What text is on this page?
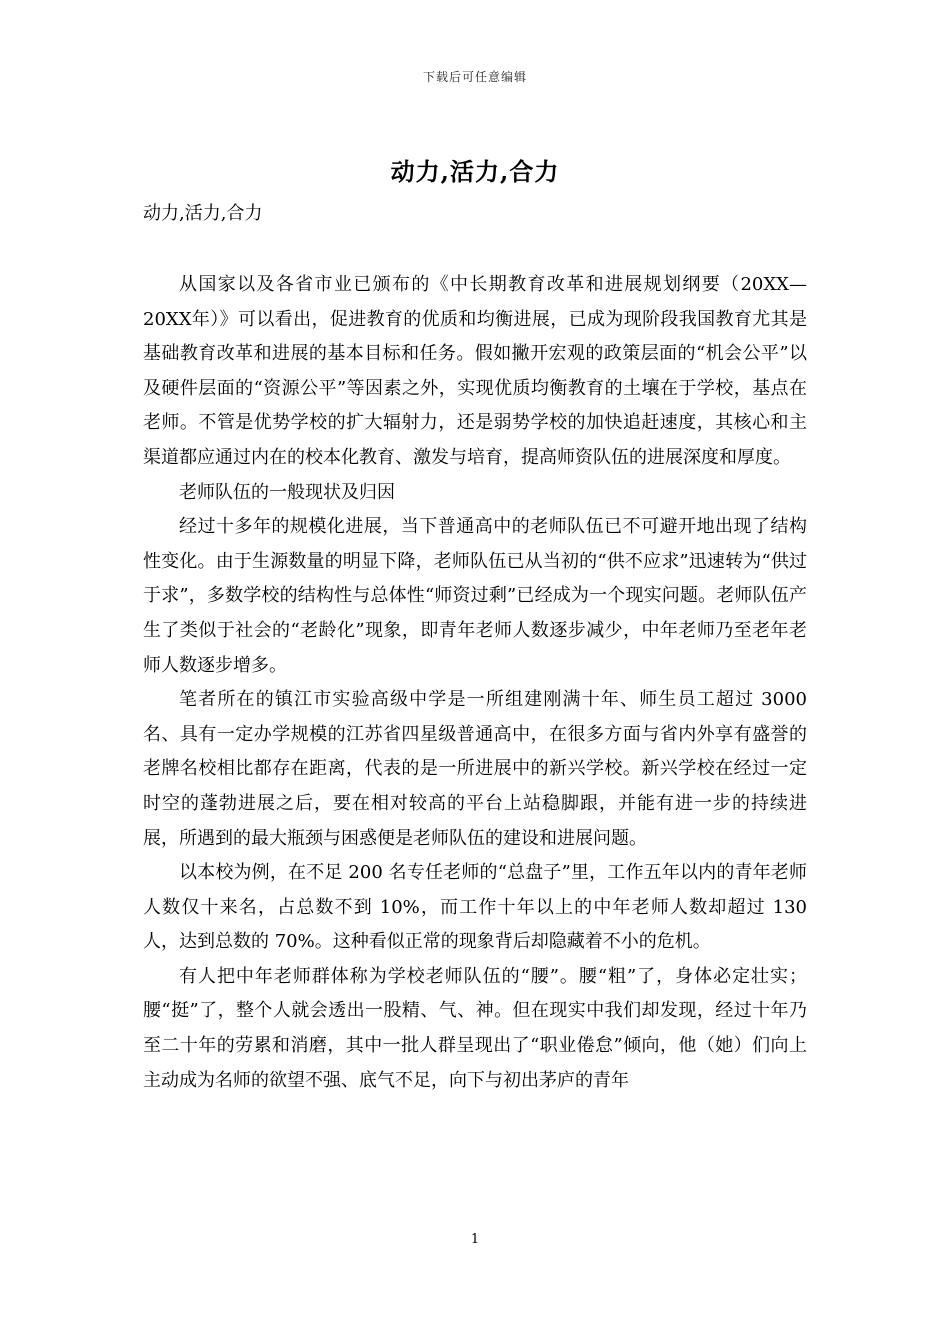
下载后可任意编辑
动力,活力,合力
动力,活力,合力

从国家以及各省市业已颁布的《中长期教育改革和进展规划纲要（20XX—20XX年）》可以看出，促进教育的优质和均衡进展，已成为现阶段我国教育尤其是基础教育改革和进展的基本目标和任务。假如撇开宏观的政策层面的“机会公平”以及硬件层面的“资源公平”等因素之外，实现优质均衡教育的土壤在于学校，基点在老师。不管是优势学校的扩大辐射力，还是弱势学校的加快追赶速度，其核心和主渠道都应通过内在的校本化教育、激发与培育，提高师资队伍的进展深度和厚度。

老师队伍的一般现状及归因

经过十多年的规模化进展，当下普通高中的老师队伍已不可避开地出现了结构性变化。由于生源数量的明显下降，老师队伍已从当初的“供不应求”迅速转为“供过于求”，多数学校的结构性与总体性“师资过剩”已经成为一个现实问题。老师队伍产生了类似于社会的“老龄化”现象，即青年老师人数逐步减少，中年老师乃至老年老师人数逐步增多。

笔者所在的镇江市实验高级中学是一所组建刚满十年、师生员工超过 3000 名、具有一定办学规模的江苏省四星级普通高中，在很多方面与省内外享有盛誉的老牌名校相比都存在距离，代表的是一所进展中的新兴学校。新兴学校在经过一定时空的蓬勃进展之后，要在相对较高的平台上站稳脚跟，并能有进一步的持续进展，所遇到的最大瓶颈与困惑便是老师队伍的建设和进展问题。

以本校为例，在不足 200 名专任老师的“总盘子”里，工作五年以内的青年老师人数仅十来名，占总数不到 10%，而工作十年以上的中年老师人数却超过 130 人，达到总数的 70%。这种看似正常的现象背后却隐藏着不小的危机。

有人把中年老师群体称为学校老师队伍的“腰”。腰“粗”了，身体必定壮实；腰“挺”了，整个人就会透出一股精、气、神。但在现实中我们却发现，经过十年乃至二十年的劳累和消磨，其中一批人群呈现出了“职业倦怠”倾向，他（她）们向上主动成为名师的欲望不强、底气不足，向下与初出茅庐的青年

1
